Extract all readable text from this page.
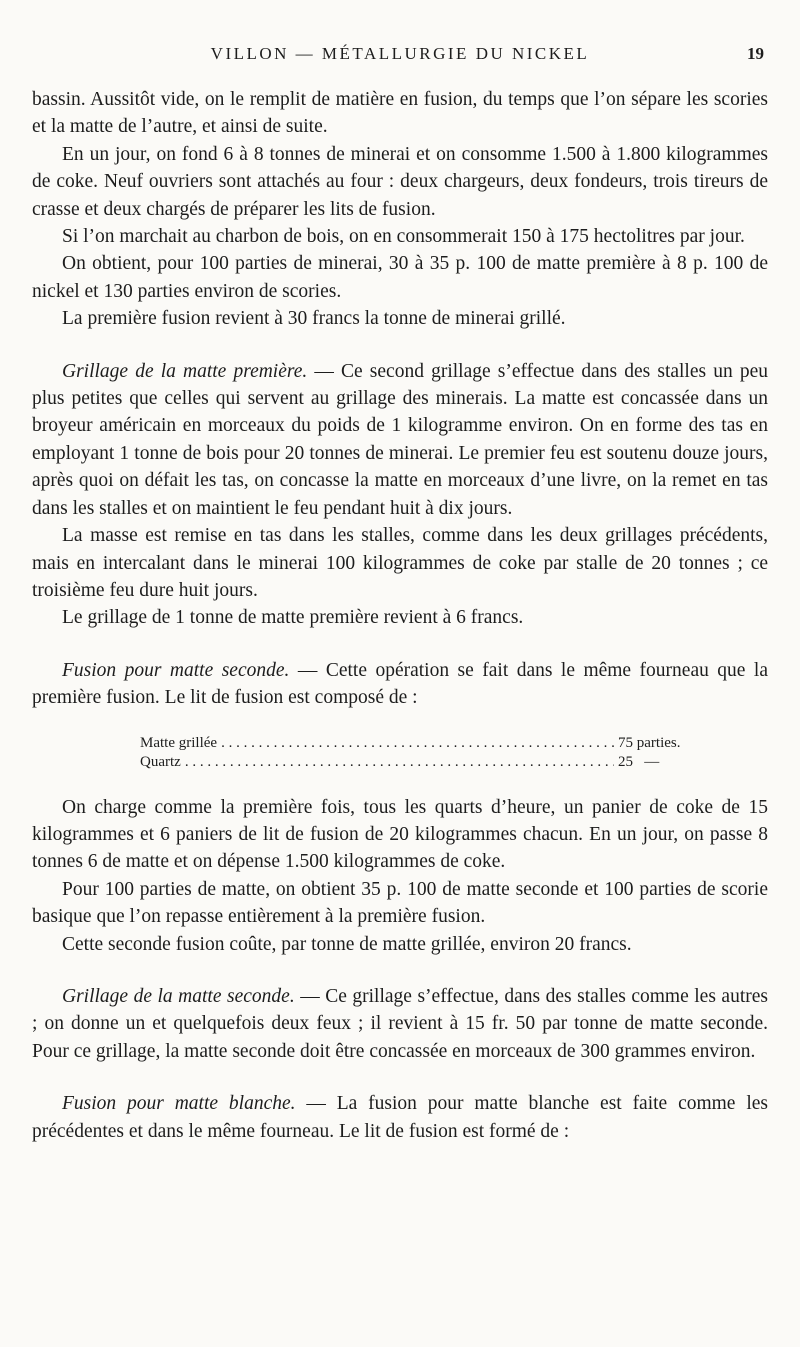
VILLON — MÉTALLURGIE DU NICKEL	19

bassin. Aussitôt vide, on le remplit de matière en fusion, du temps que l’on sépare les scories et la matte de l’autre, et ainsi de suite.

En un jour, on fond 6 à 8 tonnes de minerai et on consomme 1.500 à 1.800 kilogrammes de coke. Neuf ouvriers sont attachés au four : deux chargeurs, deux fondeurs, trois tireurs de crasse et deux chargés de préparer les lits de fusion.

Si l’on marchait au charbon de bois, on en consommerait 150 à 175 hectolitres par jour.

On obtient, pour 100 parties de minerai, 30 à 35 p. 100 de matte première à 8 p. 100 de nickel et 130 parties environ de scories.

La première fusion revient à 30 francs la tonne de minerai grillé.

Grillage de la matte première. — Ce second grillage s’effectue dans des stalles un peu plus petites que celles qui servent au grillage des minerais. La matte est concassée dans un broyeur américain en morceaux du poids de 1 kilogramme environ. On en forme des tas en employant 1 tonne de bois pour 20 tonnes de minerai. Le premier feu est soutenu douze jours, après quoi on défait les tas, on concasse la matte en morceaux d’une livre, on la remet en tas dans les stalles et on maintient le feu pendant huit à dix jours.

La masse est remise en tas dans les stalles, comme dans les deux grillages précédents, mais en intercalant dans le minerai 100 kilogrammes de coke par stalle de 20 tonnes ; ce troisième feu dure huit jours.

Le grillage de 1 tonne de matte première revient à 6 francs.

Fusion pour matte seconde. — Cette opération se fait dans le même fourneau que la première fusion. Le lit de fusion est composé de :

Matte grillée . . .	75 parties.
Quartz . . .	25   —

On charge comme la première fois, tous les quarts d’heure, un panier de coke de 15 kilogrammes et 6 paniers de lit de fusion de 20 kilogrammes chacun. En un jour, on passe 8 tonnes 6 de matte et on dépense 1.500 kilogrammes de coke.

Pour 100 parties de matte, on obtient 35 p. 100 de matte seconde et 100 parties de scorie basique que l’on repasse entièrement à la première fusion.

Cette seconde fusion coûte, par tonne de matte grillée, environ 20 francs.

Grillage de la matte seconde. — Ce grillage s’effectue, dans des stalles comme les autres ; on donne un et quelquefois deux feux ; il revient à 15 fr. 50 par tonne de matte seconde. Pour ce grillage, la matte seconde doit être concassée en morceaux de 300 grammes environ.

Fusion pour matte blanche. — La fusion pour matte blanche est faite comme les précédentes et dans le même fourneau. Le lit de fusion est formé de :
